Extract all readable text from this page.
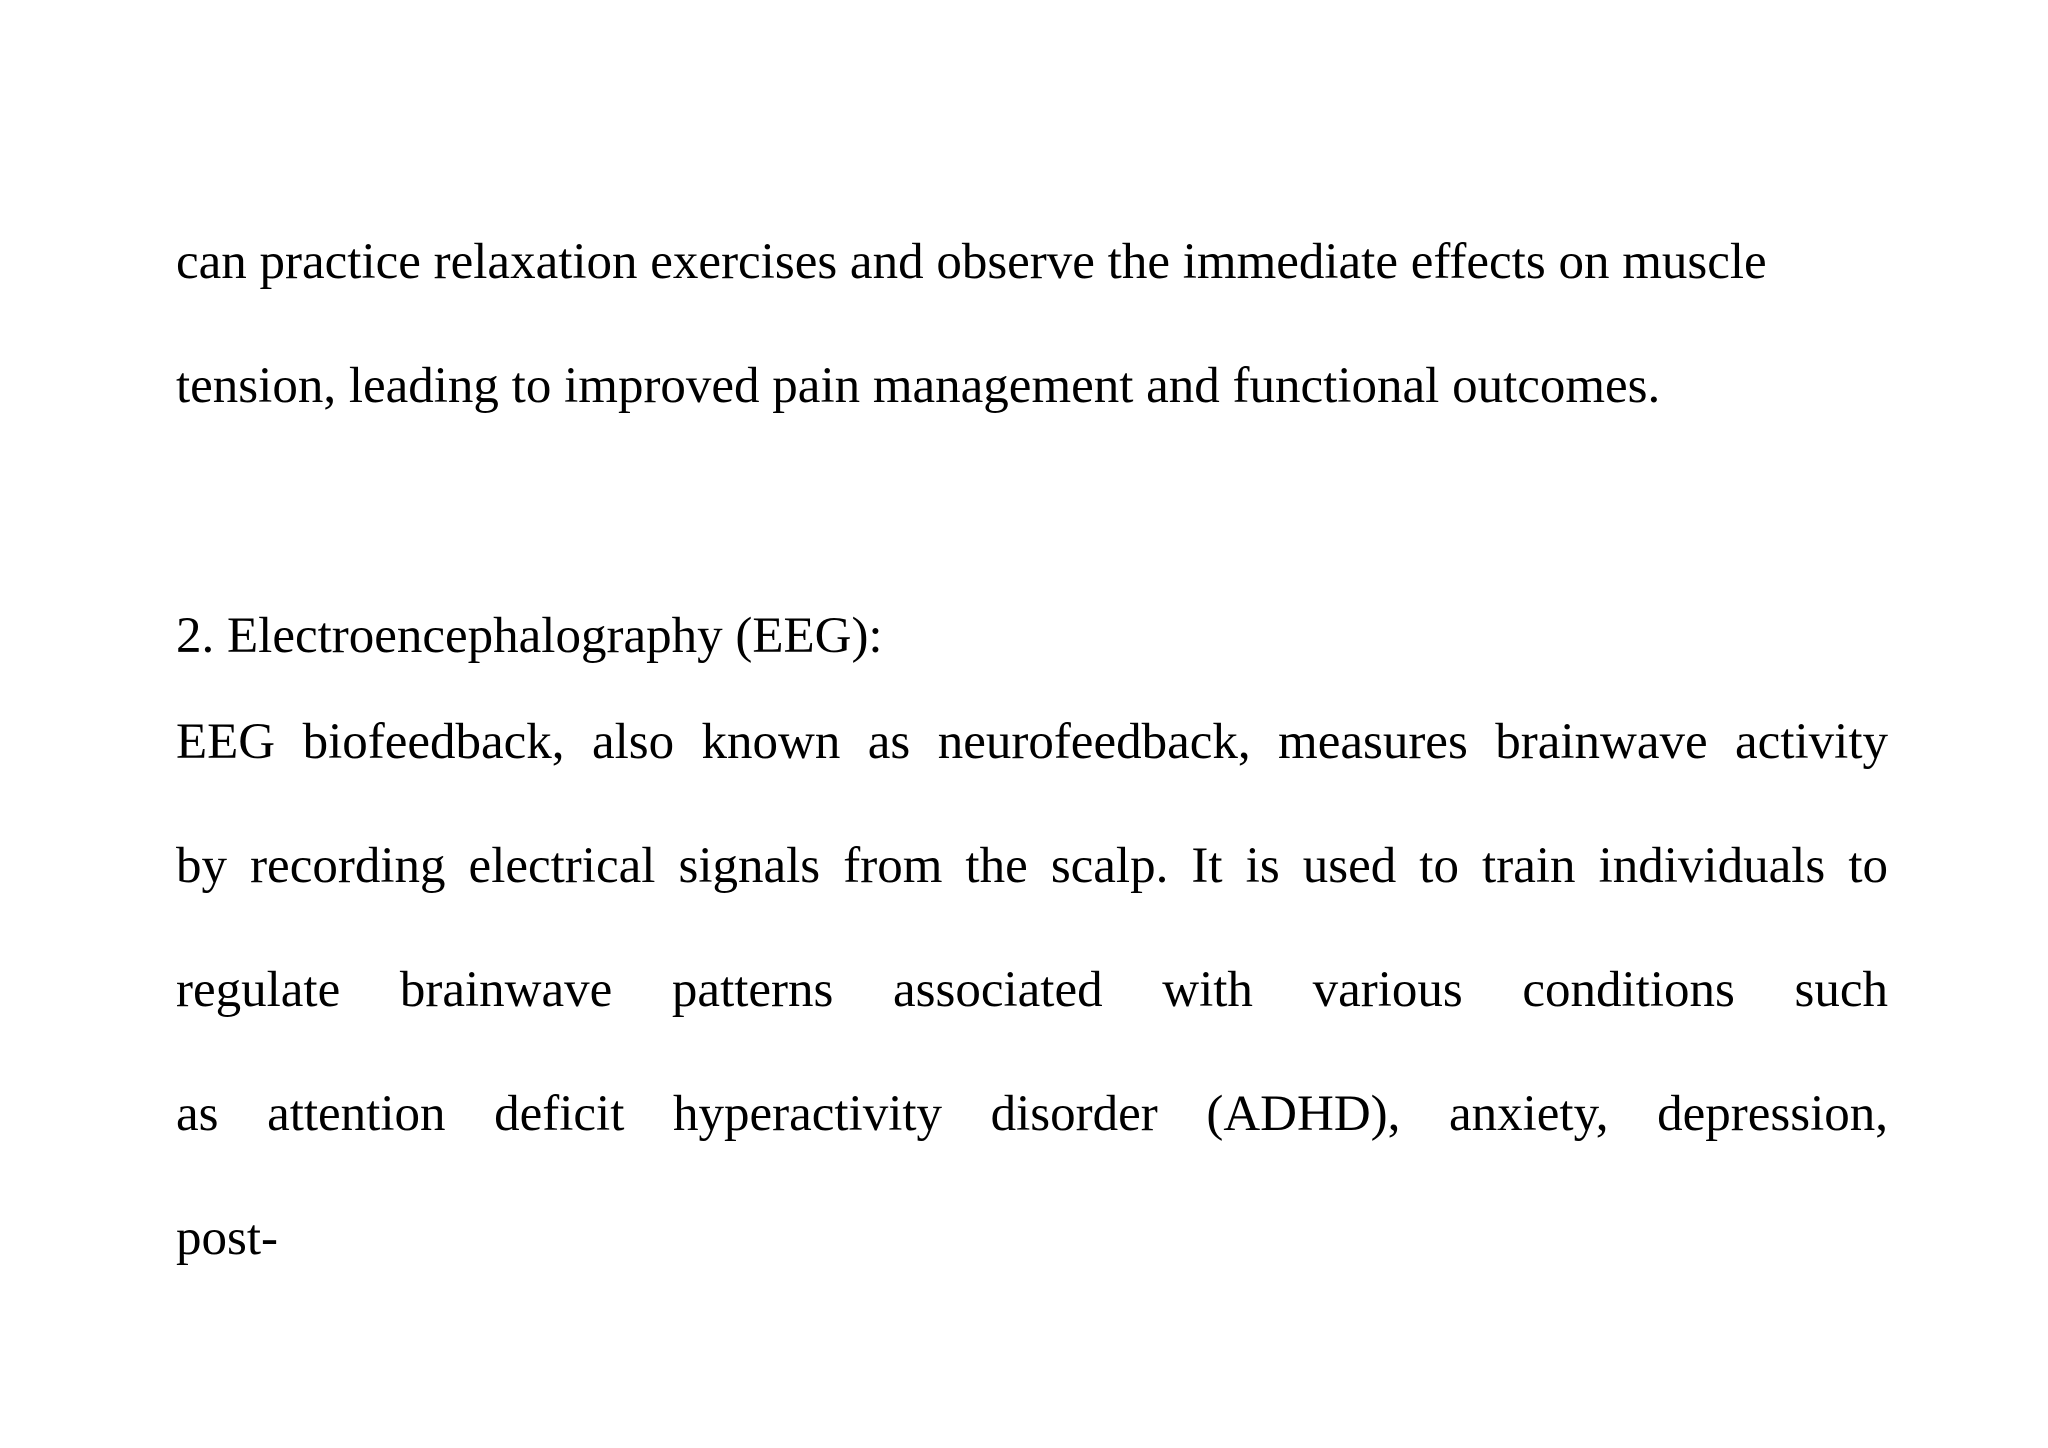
can practice relaxation exercises and observe the immediate effects on muscle
tension, leading to improved pain management and functional outcomes.
2. Electroencephalography (EEG):
EEG biofeedback, also known as neurofeedback, measures brainwave activity
by recording electrical signals from the scalp. It is used to train individuals to
regulate brainwave patterns associated with various conditions such
as attention deficit hyperactivity disorder (ADHD), anxiety, depression,
post-
